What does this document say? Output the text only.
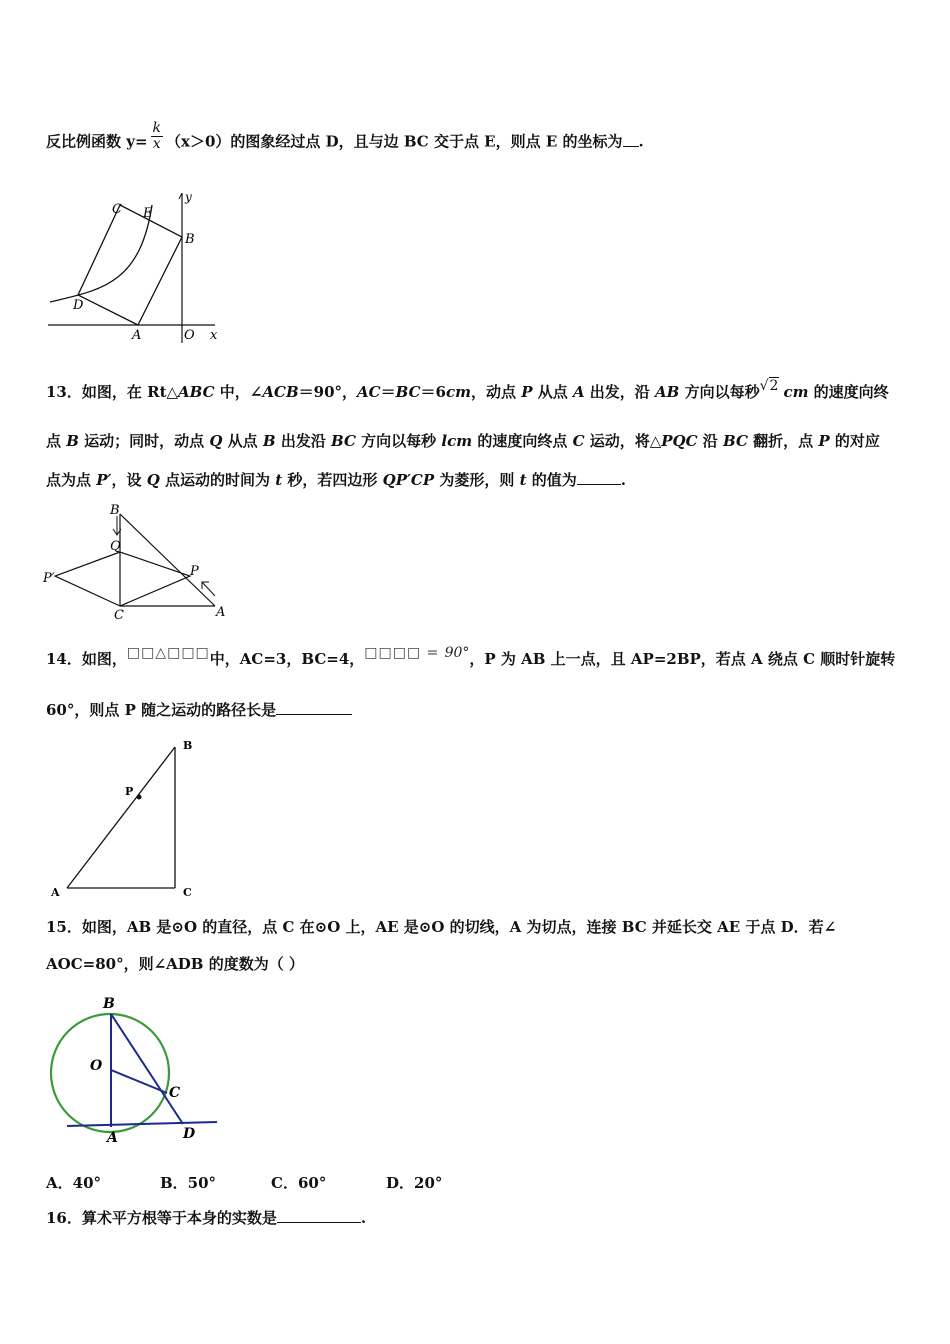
反比例函数 $y= \frac{k}{x} (x>0)$的图象经过点 D，且与边 BC 交于点 E，则点 E 的坐标为 .
C E
B
D
A	O x
y
13．如图，在 Rt△ABC 中，∠ACB＝90°，AC＝BC＝6cm，动点 P 从点 A 出发，沿 AB 方向以每秒√2 cm 的速度向终
点 B 运动；同时，动点 Q 从点 B 出发沿 BC 方向以每秒 lcm 的速度向终点 C 运动，将△PQC 沿 BC 翻折，点 P 的对应
点为点 P′，设 Q 点运动的时间为 t 秒，若四边形 QP′CP 为菱形，则 t 的值为	.
B
Q
P′	P
C	A
14．如图，□□△□□□中，AC=3，BC=4，□□□□ = 90°，P 为 AB 上一点，且 AP=2BP，若点 A 绕点 C 顺时针旋转
60°，则点 P 随之运动的路径长是
B
P
A	C
15．如图，AB 是⊙O 的直径，点 C 在⊙O 上，AE 是⊙O 的切线，A 为切点，连接 BC 并延长交 AE 于点 D．若∠
AOC=80°，则∠ADB 的度数为（ ）
B
O
C
A	D
A．40°	B．50°	C．60°	D．20°
16．算术平方根等于本身的实数是	.
